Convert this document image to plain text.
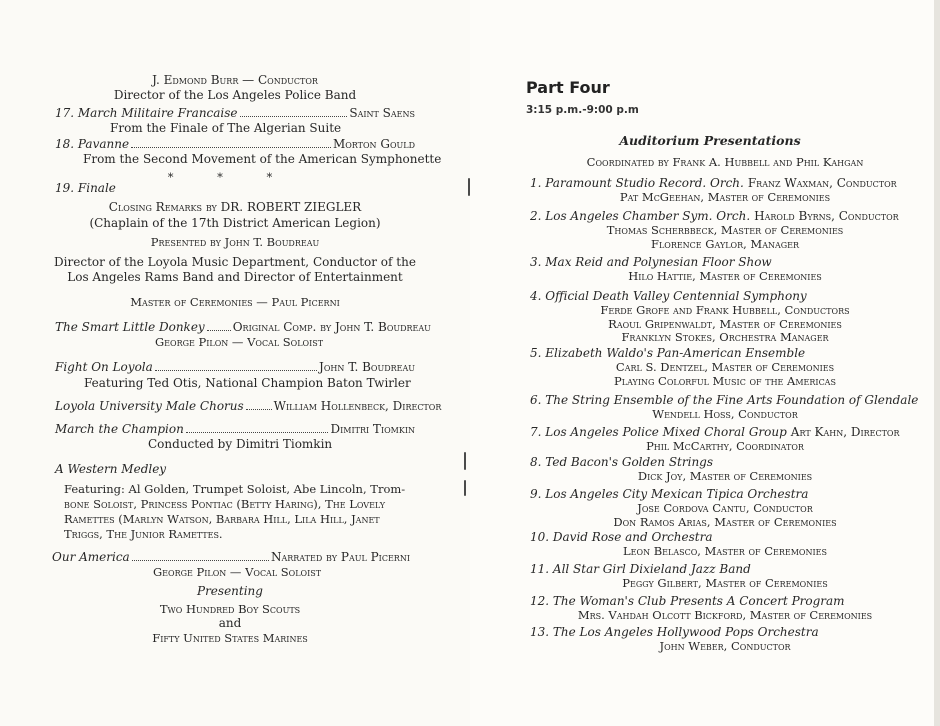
J. Edmond Burr — Conductor
Director of the Los Angeles Police Band
17. March Militaire Francaise	Saint Saens
From the Finale of The Algerian Suite
18. Pavanne	Morton Gould
From the Second Movement of the American Symphonette
* * *
19. Finale
Closing Remarks by DR. ROBERT ZIEGLER
(Chaplain of the 17th District American Legion)
Presented by John T. Boudreau
Director of the Loyola Music Department, Conductor of the
Los Angeles Rams Band and Director of Entertainment
Master of Ceremonies — Paul Picerni
The Smart Little Donkey Original Comp. by John T. Boudreau
George Pilon — Vocal Soloist
Fight On Loyola	John T. Boudreau
Featuring Ted Otis, National Champion Baton Twirler
Loyola University Male Chorus	William Hollenbeck, Director
March the Champion	Dimitri Tiomkin
Conducted by Dimitri Tiomkin
A Western Medley
Featuring: Al Golden, Trumpet Soloist, Abe Lincoln, Trom-
bone Soloist, Princess Pontiac (Betty Haring), The Lovely
Ramettes (Marlyn Watson, Barbara Hill, Lila Hill, Janet
Triggs, The Junior Ramettes.
Our America	Narrated by Paul Picerni
George Pilon — Vocal Soloist
Presenting
Two Hundred Boy Scouts
and
Fifty United States Marines
Part Four
3:15 p.m.-9:00 p.m
Auditorium Presentations
Coordinated by Frank A. Hubbell and Phil Kahgan
1. Paramount Studio Record. Orch. Franz Waxman, Conductor
Pat McGeehan, Master of Ceremonies
2. Los Angeles Chamber Sym. Orch. Harold Byrns, Conductor
Thomas Scherbbeck, Master of Ceremonies
Florence Gaylor, Manager
3. Max Reid and Polynesian Floor Show
Hilo Hattie, Master of Ceremonies
4. Official Death Valley Centennial Symphony
Ferde Grofe and Frank Hubbell, Conductors
Raoul Gripenwaldt, Master of Ceremonies
Franklyn Stokes, Orchestra Manager
5. Elizabeth Waldo's Pan-American Ensemble
Carl S. Dentzel, Master of Ceremonies
Playing Colorful Music of the Americas
6. The String Ensemble of the Fine Arts Foundation of Glendale
Wendell Hoss, Conductor
7. Los Angeles Police Mixed Choral Group Art Kahn, Director
Phil McCarthy, Coordinator
8. Ted Bacon's Golden Strings
Dick Joy, Master of Ceremonies
9. Los Angeles City Mexican Tipica Orchestra
Jose Cordova Cantu, Conductor
Don Ramos Arias, Master of Ceremonies
10. David Rose and Orchestra
Leon Belasco, Master of Ceremonies
11. All Star Girl Dixieland Jazz Band
Peggy Gilbert, Master of Ceremonies
12. The Woman's Club Presents A Concert Program
Mrs. Vahdah Olcott Bickford, Master of Ceremonies
13. The Los Angeles Hollywood Pops Orchestra
John Weber, Conductor
